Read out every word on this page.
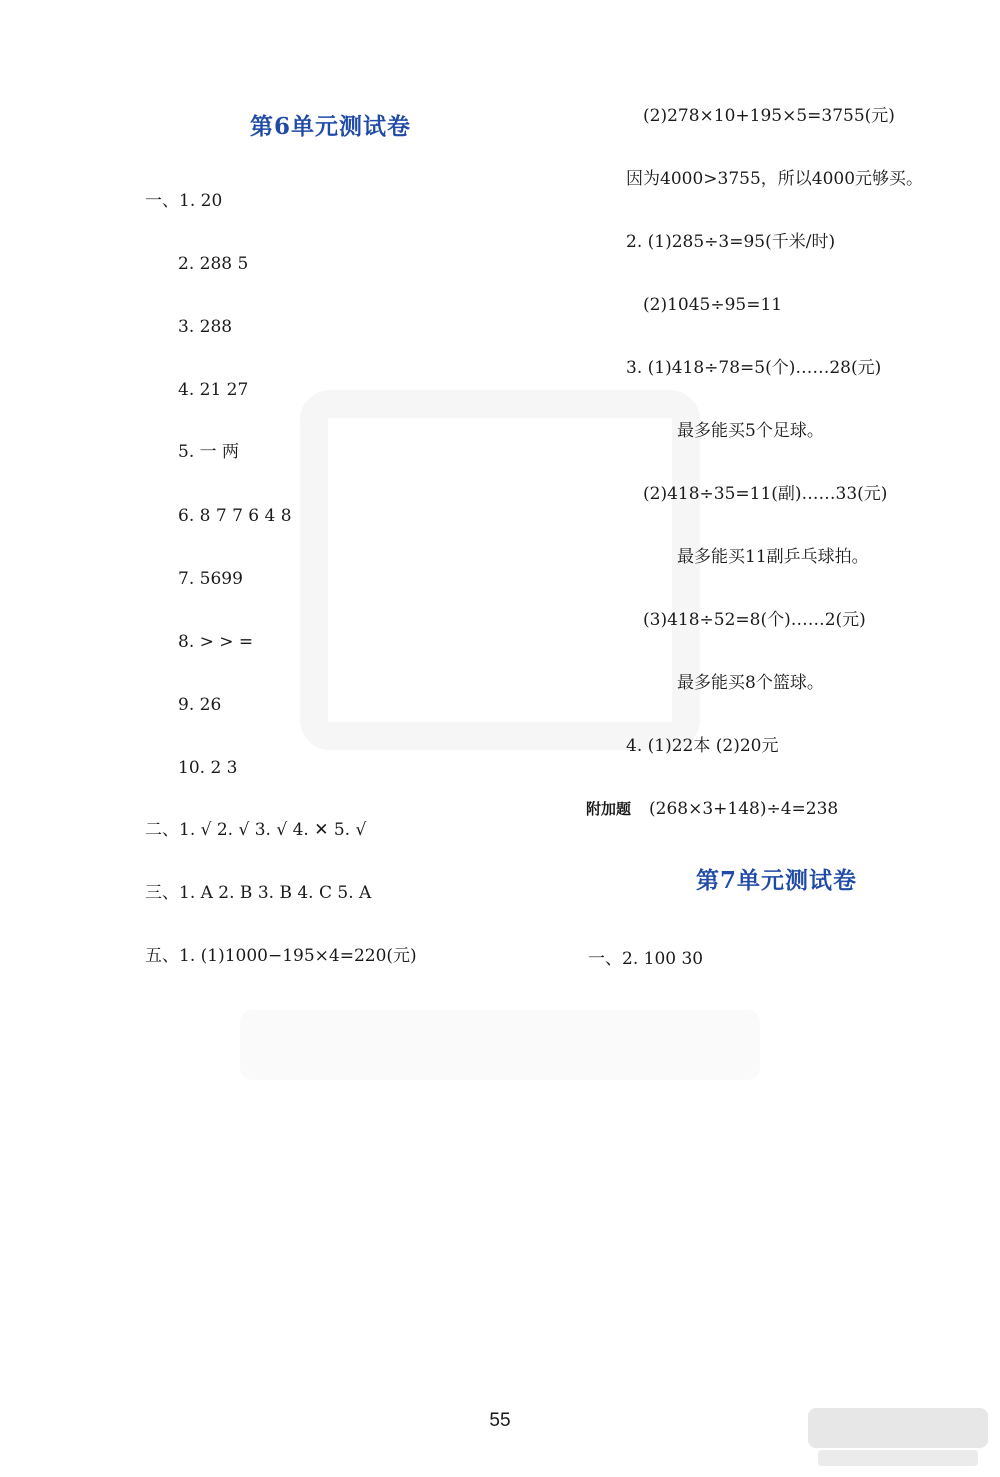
第6单元测试卷
一、1. 20
2. 288 5
3. 288
4. 21 27
5. 一 两
6. 8 7 7 6 4 8
7. 5699
8. > > =
9. 26
10. 2 3
二、1. √ 2. √ 3. √ 4. ✕ 5. √
三、1. A 2. B 3. B 4. C 5. A
五、1. (1)1000−195×4=220(元)
(2)278×10+195×5=3755(元)
因为4000>3755，所以4000元够买。
2. (1)285÷3=95(千米/时)
(2)1045÷95=11
3. (1)418÷78=5(个)……28(元)
最多能买5个足球。
(2)418÷35=11(副)……33(元)
最多能买11副乒乓球拍。
(3)418÷52=8(个)……2(元)
最多能买8个篮球。
4. (1)22本 (2)20元
附加题 (268×3+148)÷4=238
第7单元测试卷
一、2. 100 30
55
